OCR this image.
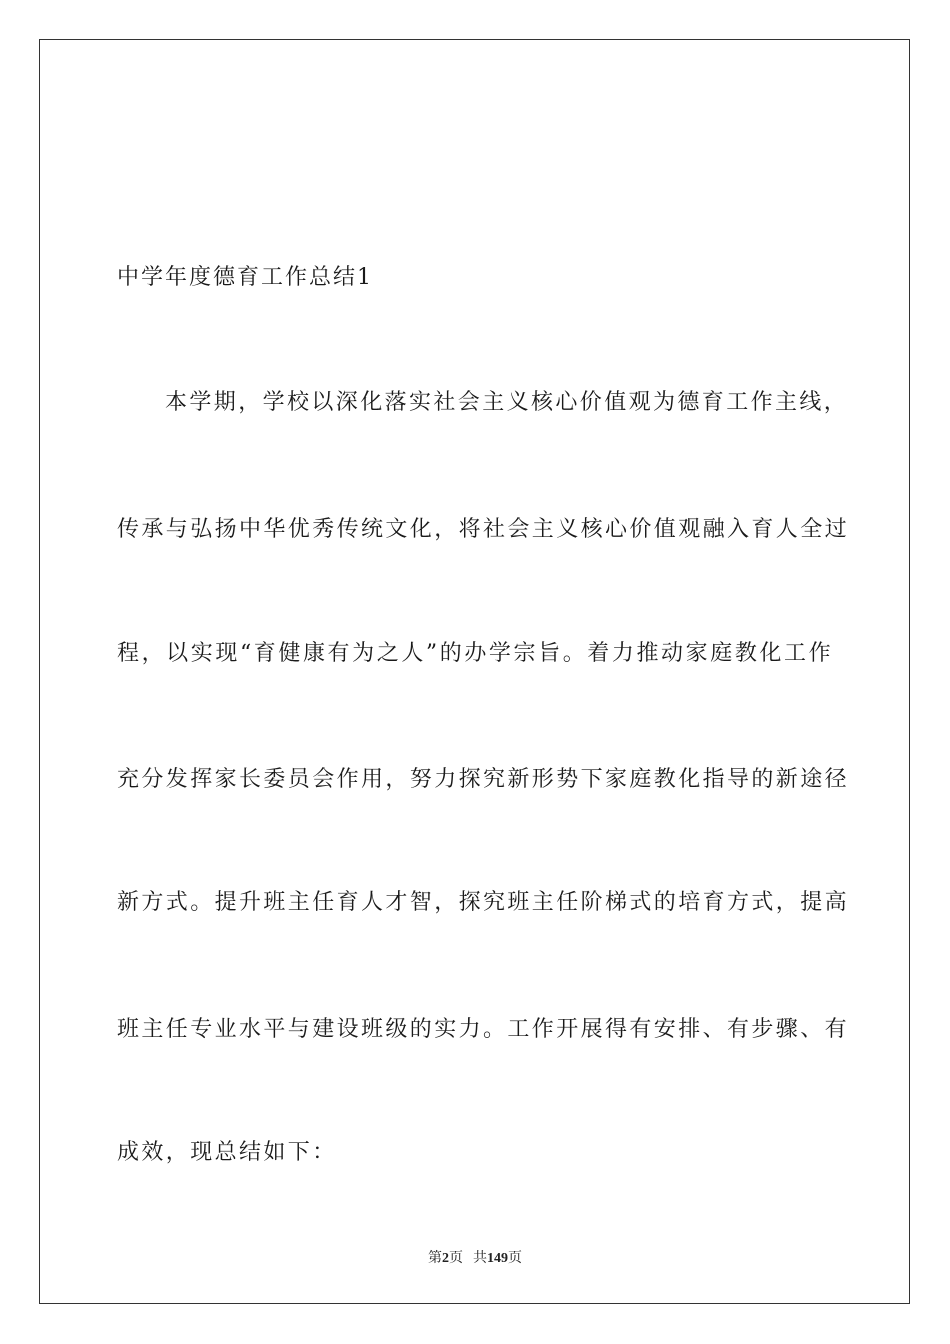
中学年度德育工作总结1
本学期，学校以深化落实社会主义核心价值观为德育工作主线，
传承与弘扬中华优秀传统文化，将社会主义核心价值观融入育人全过
程，以实现“育健康有为之人”的办学宗旨。着力推动家庭教化工作
充分发挥家长委员会作用，努力探究新形势下家庭教化指导的新途径
新方式。提升班主任育人才智，探究班主任阶梯式的培育方式，提高
班主任专业水平与建设班级的实力。工作开展得有安排、有步骤、有
成效，现总结如下：
第2页 共149页
